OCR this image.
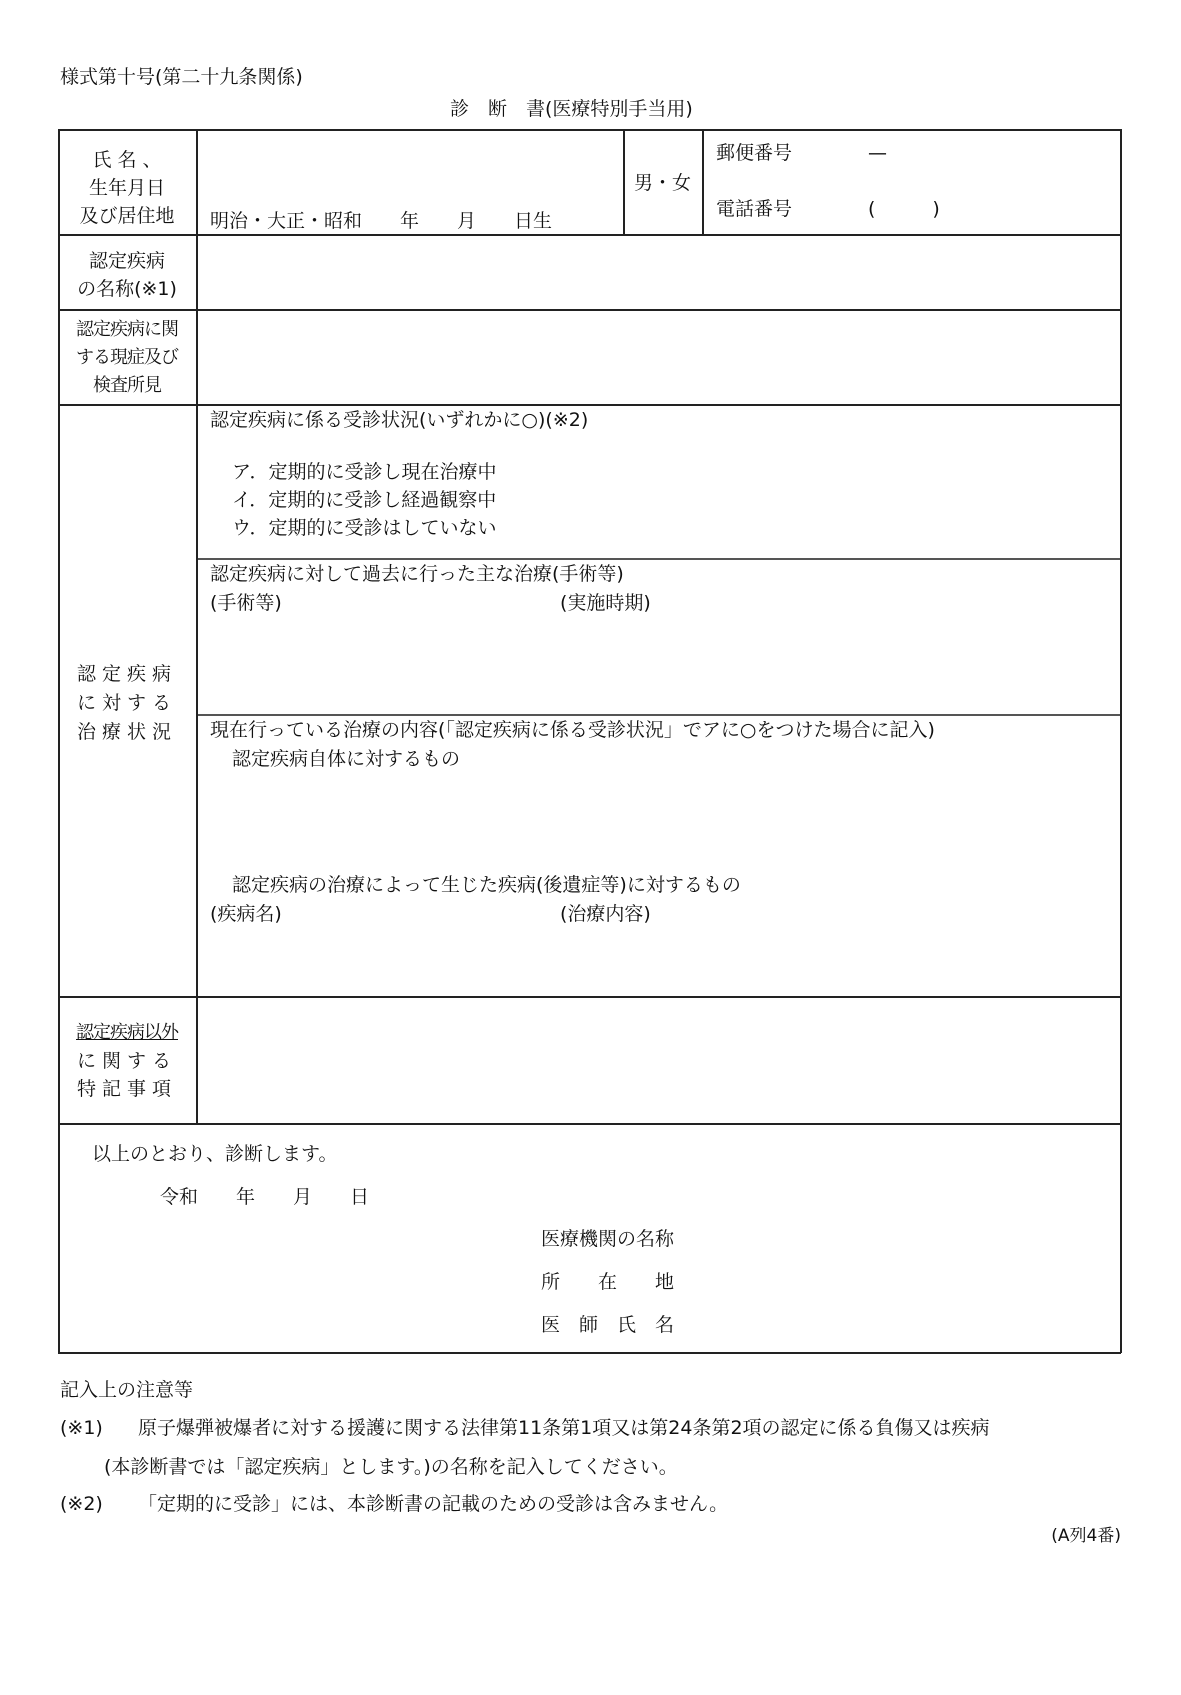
様式第十号(第二十九条関係)
診　断　書(医療特別手当用)
氏 名 、
生年月日
及び居住地	明治・大正・昭和　　年　　月　　日生
男・女
郵便番号	—
電話番号	(　　　)
認定疾病
の名称(※1)
認定疾病に関
する現症及び
検査所見
認定疾病
に対する
治療状況
認定疾病に係る受診状況(いずれかに○)(※2)
ア．定期的に受診し現在治療中
イ．定期的に受診し経過観察中
ウ．定期的に受診はしていない
認定疾病に対して過去に行った主な治療(手術等)
(手術等)	(実施時期)
現在行っている治療の内容(「認定疾病に係る受診状況」でアに○をつけた場合に記入)
認定疾病自体に対するもの
認定疾病の治療によって生じた疾病(後遺症等)に対するもの
(疾病名)	(治療内容)
認定疾病以外
に関する
特記事項
以上のとおり、診断します。
令和　　年　　月　　日
医療機関の名称
所　　在　　地
医　師　氏　名
記入上の注意等
(※1) 原子爆弾被爆者に対する援護に関する法律第11条第1項又は第24条第2項の認定に係る負傷又は疾病
(本診断書では「認定疾病」とします。)の名称を記入してください。
(※2) 「定期的に受診」には、本診断書の記載のための受診は含みません。
(A列4番)
